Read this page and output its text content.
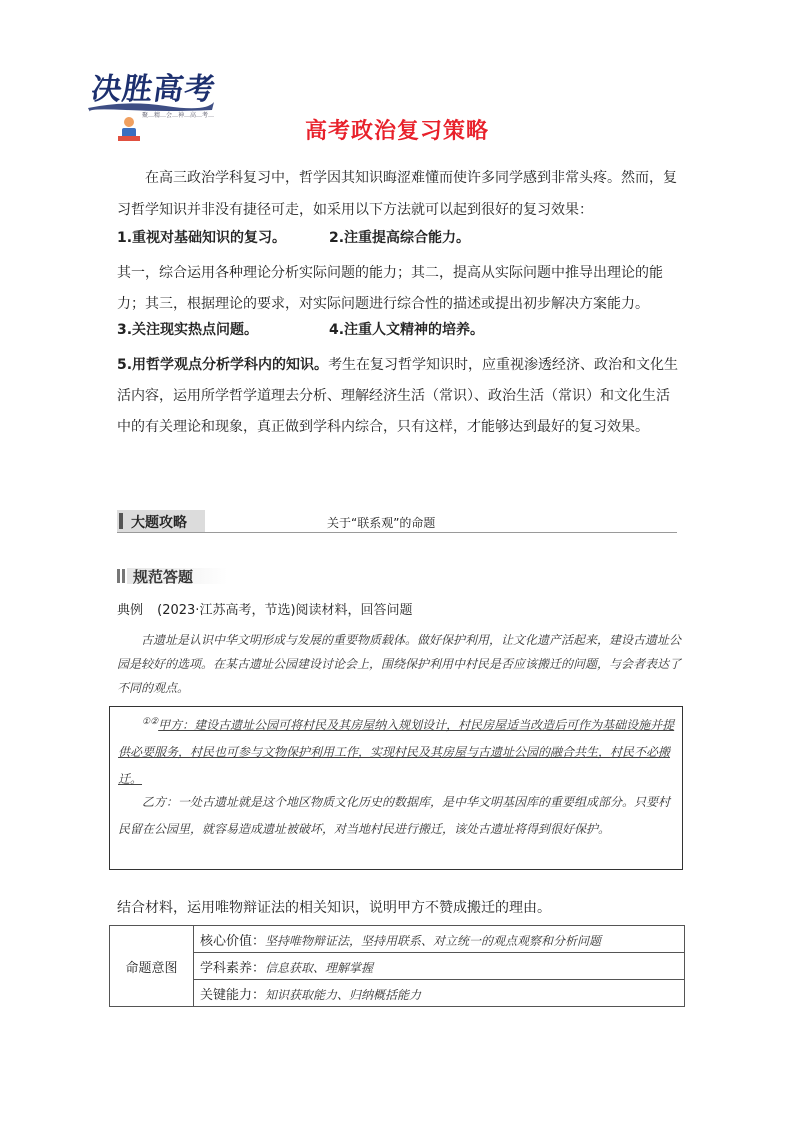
决胜高考
聚…精…会…神…高…考…
高考政治复习策略

在高三政治学科复习中，哲学因其知识晦涩难懂而使许多同学感到非常头疼。然而，复习哲学知识并非没有捷径可走，如采用以下方法就可以起到很好的复习效果：

1.重视对基础知识的复习。	2.注重提高综合能力。

其一，综合运用各种理论分析实际问题的能力；其二，提高从实际问题中推导出理论的能力；其三，根据理论的要求，对实际问题进行综合性的描述或提出初步解决方案能力。

3.关注现实热点问题。	4.注重人文精神的培养。

5.用哲学观点分析学科内的知识。考生在复习哲学知识时，应重视渗透经济、政治和文化生活内容，运用所学哲学道理去分析、理解经济生活（常识）、政治生活（常识）和文化生活中的有关理论和现象，真正做到学科内综合，只有这样，才能够达到最好的复习效果。

大题攻略	关于“联系观”的命题
规范答题
典例 (2023·江苏高考，节选)阅读材料，回答问题

古遗址是认识中华文明形成与发展的重要物质载体。做好保护利用，让文化遗产活起来，建设古遗址公园是较好的选项。在某古遗址公园建设讨论会上，围绕保护利用中村民是否应该搬迁的问题，与会者表达了不同的观点。

①②甲方：建设古遗址公园可将村民及其房屋纳入规划设计，村民房屋适当改造后可作为基础设施并提供必要服务，村民也可参与文物保护利用工作，实现村民及其房屋与古遗址公园的融合共生，村民不必搬迁。

乙方：一处古遗址就是这个地区物质文化历史的数据库，是中华文明基因库的重要组成部分。只要村民留在公园里，就容易造成遗址被破坏，对当地村民进行搬迁，该处古遗址将得到很好保护。

结合材料，运用唯物辩证法的相关知识，说明甲方不赞成搬迁的理由。

命题意图	核心价值：坚持唯物辩证法，坚持用联系、对立统一的观点观察和分析问题
学科素养：信息获取、理解掌握
关键能力：知识获取能力、归纳概括能力
